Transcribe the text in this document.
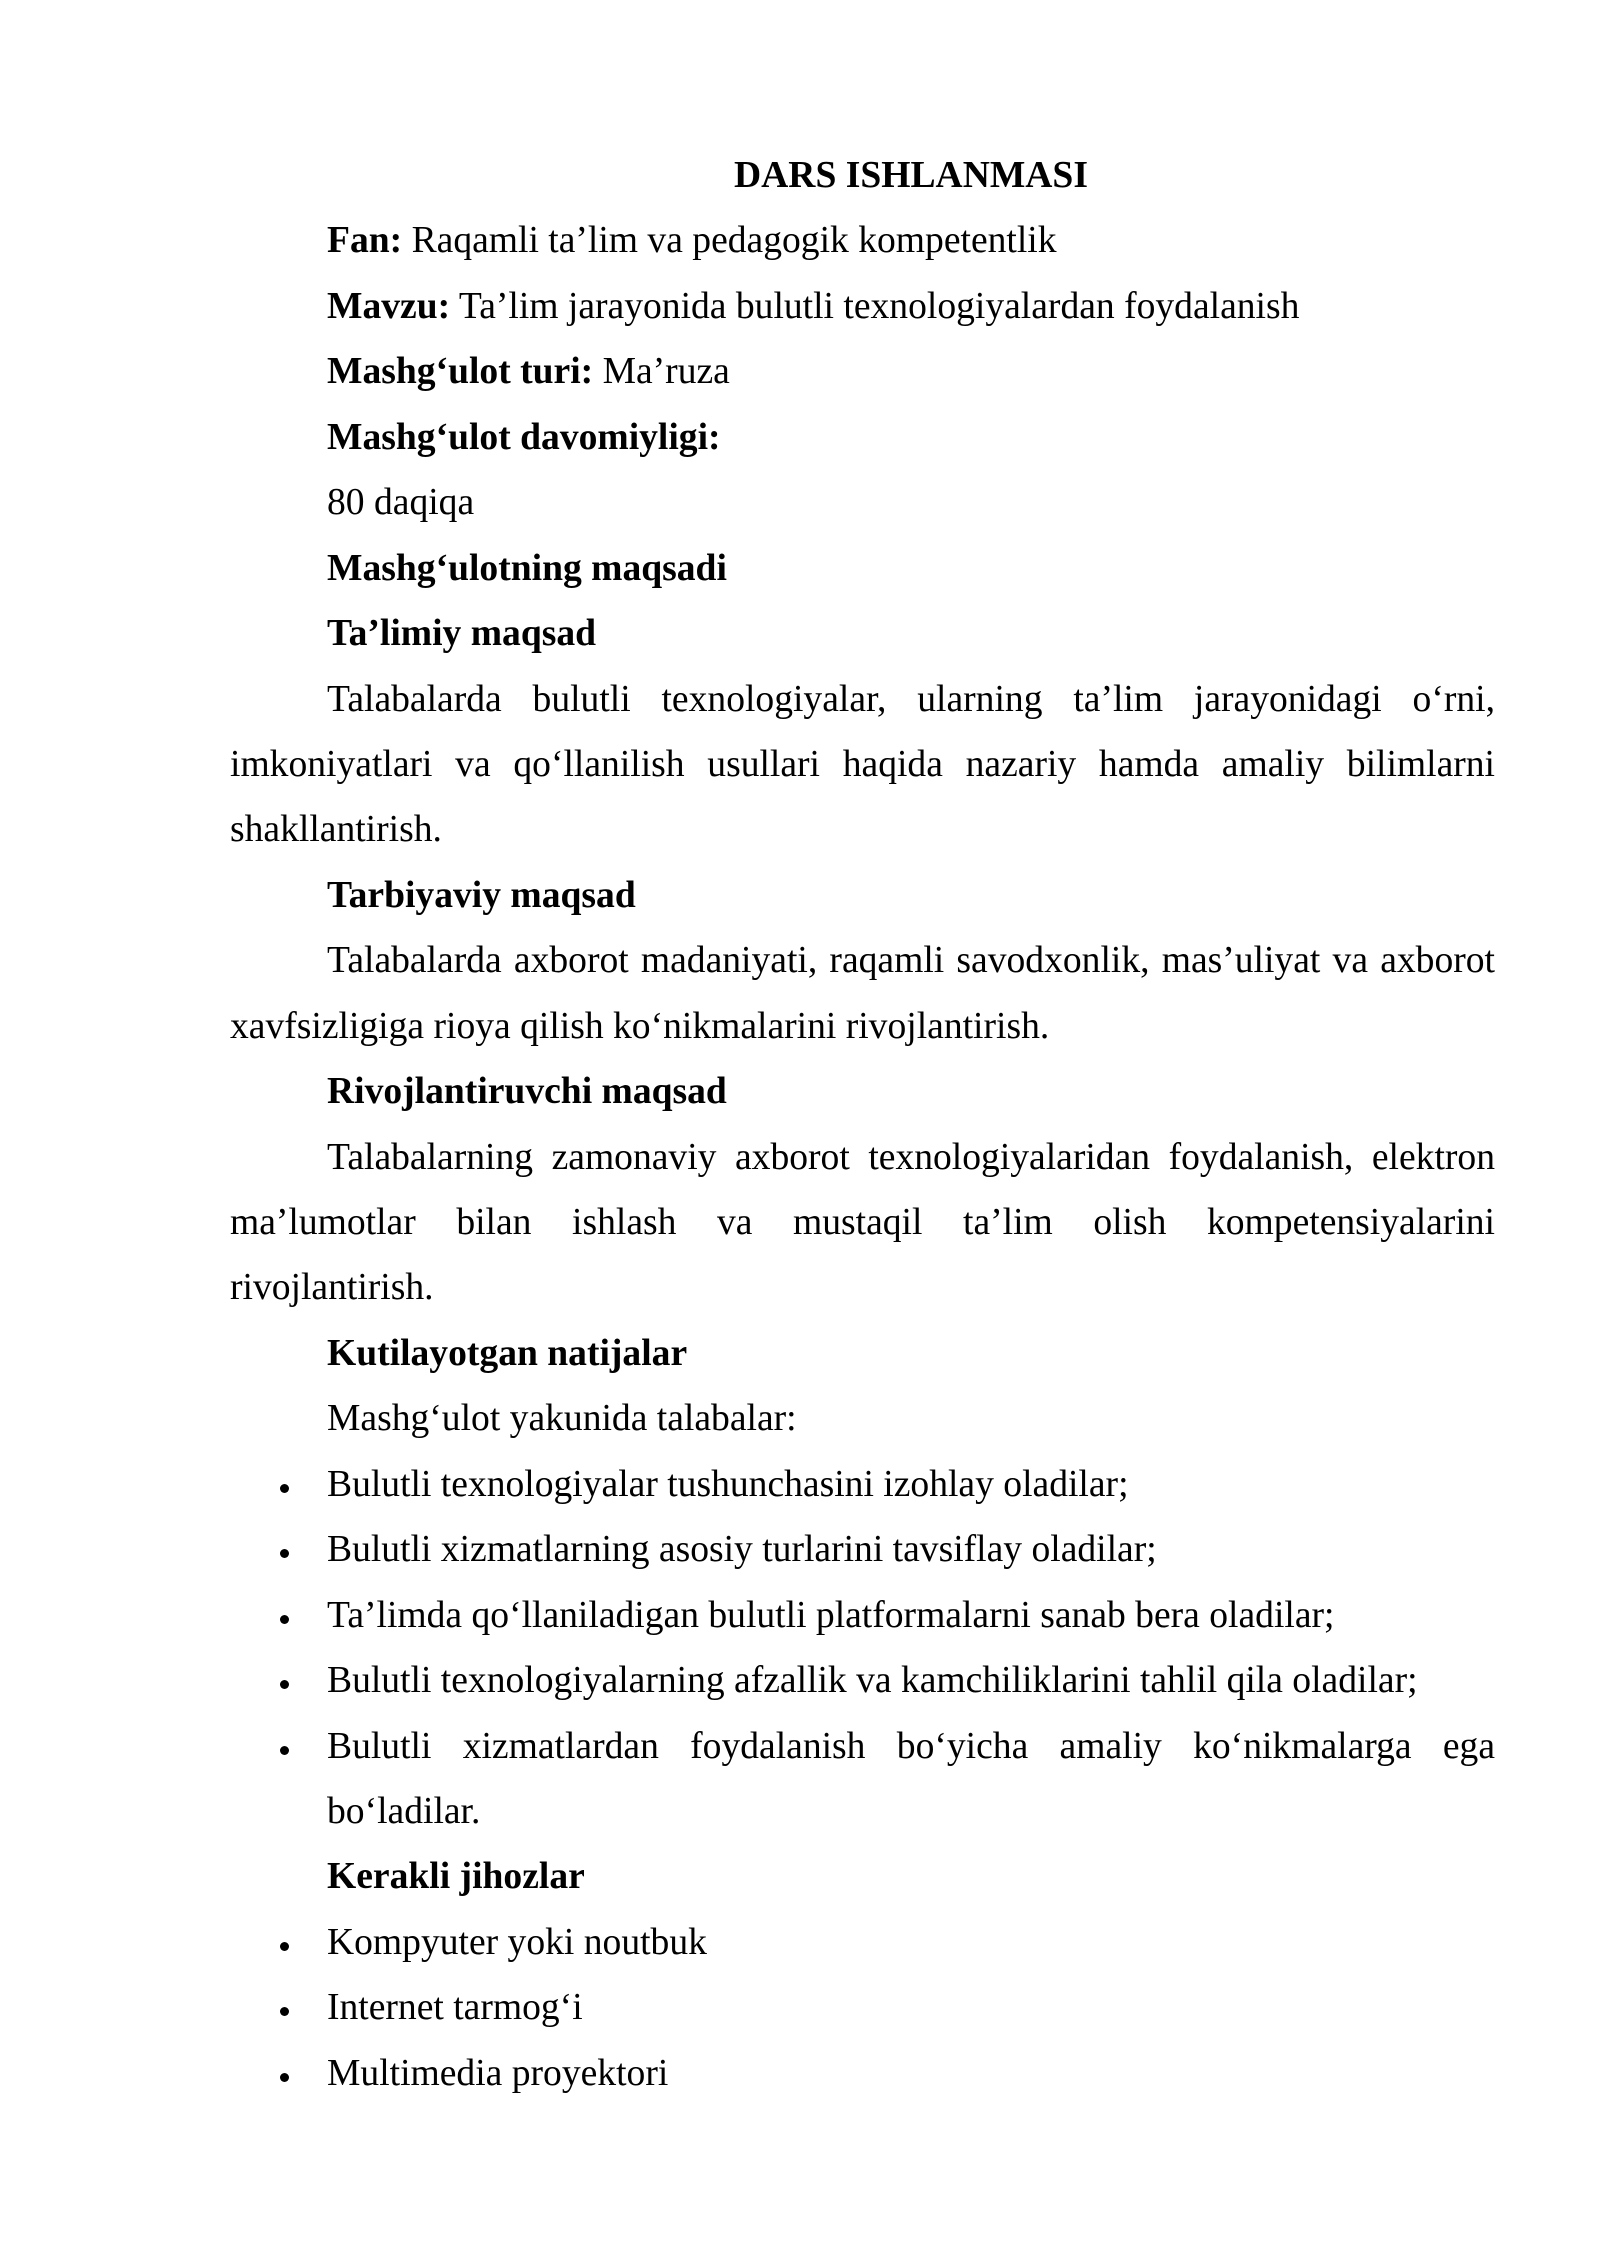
DARS ISHLANMASI

Fan: Raqamli ta’lim va pedagogik kompetentlik

Mavzu: Ta’lim jarayonida bulutli texnologiyalardan foydalanish

Mashg‘ulot turi: Ma’ruza

Mashg‘ulot davomiyligi:

80 daqiqa

Mashg‘ulotning maqsadi

Ta’limiy maqsad

Talabalarda bulutli texnologiyalar, ularning ta’lim jarayonidagi o‘rni,

imkoniyatlari va qo‘llanilish usullari haqida nazariy hamda amaliy bilimlarni

shakllantirish.

Tarbiyaviy maqsad

Talabalarda axborot madaniyati, raqamli savodxonlik, mas’uliyat va axborot

xavfsizligiga rioya qilish ko‘nikmalarini rivojlantirish.

Rivojlantiruvchi maqsad

Talabalarning zamonaviy axborot texnologiyalaridan foydalanish, elektron

ma’lumotlar bilan ishlash va mustaqil ta’lim olish kompetensiyalarini

rivojlantirish.

Kutilayotgan natijalar

Mashg‘ulot yakunida talabalar:

Bulutli texnologiyalar tushunchasini izohlay oladilar;

Bulutli xizmatlarning asosiy turlarini tavsiflay oladilar;

Ta’limda qo‘llaniladigan bulutli platformalarni sanab bera oladilar;

Bulutli texnologiyalarning afzallik va kamchiliklarini tahlil qila oladilar;

Bulutli xizmatlardan foydalanish bo‘yicha amaliy ko‘nikmalarga ega

bo‘ladilar.

Kerakli jihozlar

Kompyuter yoki noutbuk

Internet tarmog‘i

Multimedia proyektori
